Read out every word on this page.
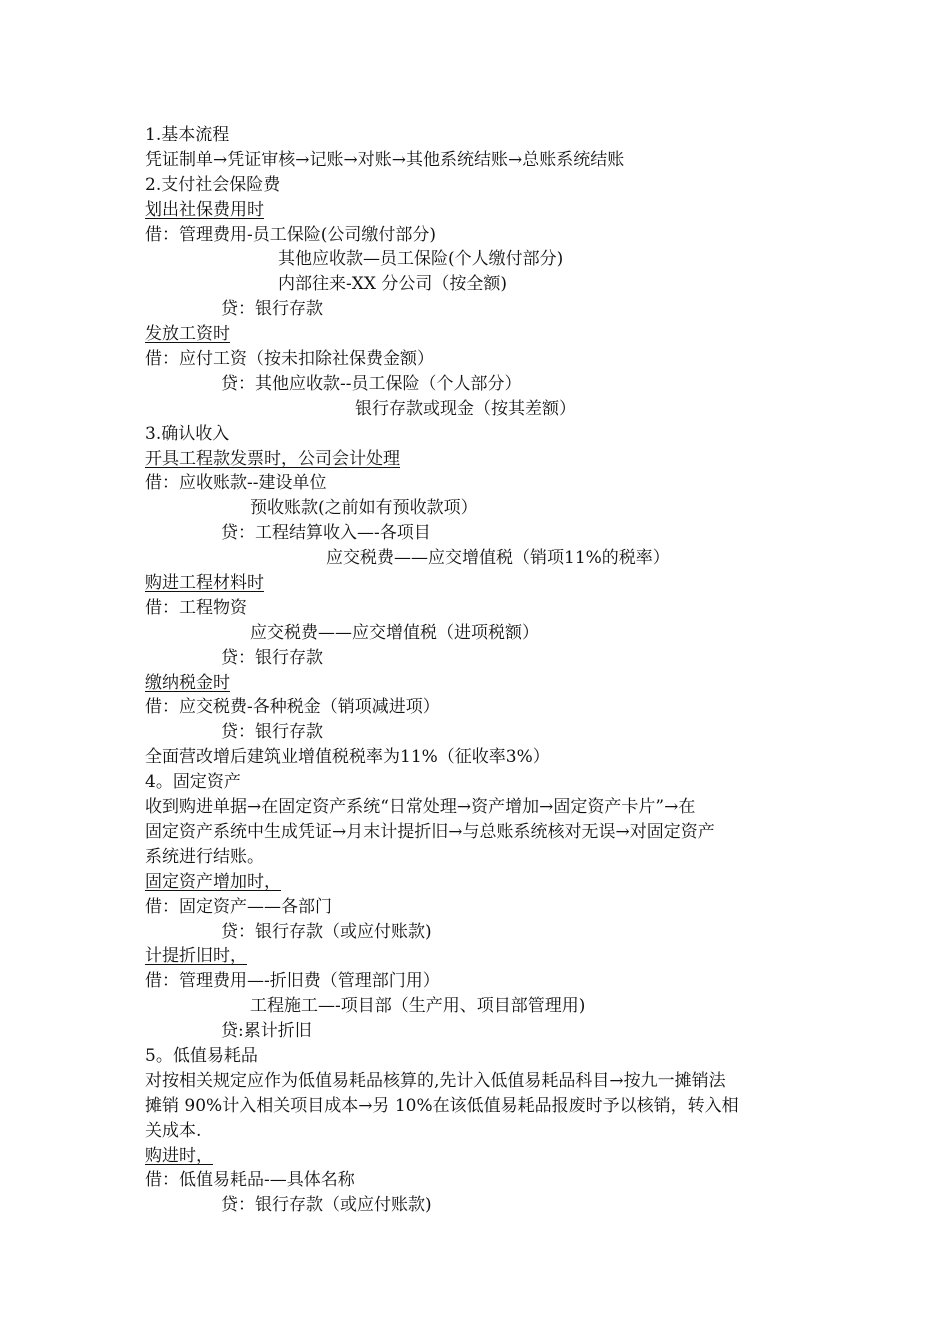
1.基本流程
凭证制单→凭证审核→记账→对账→其他系统结账→总账系统结账
2.支付社会保险费
划出社保费用时
借：管理费用-员工保险(公司缴付部分)
其他应收款—员工保险(个人缴付部分)
内部往来-XX 分公司（按全额)
贷：银行存款
发放工资时
借：应付工资（按未扣除社保费金额）
贷：其他应收款--员工保险（个人部分）
银行存款或现金（按其差额）
3.确认收入
开具工程款发票时，公司会计处理
借：应收账款--建设单位
预收账款(之前如有预收款项）
贷：工程结算收入—-各项目
应交税费——应交增值税（销项11%的税率）
购进工程材料时
借：工程物资
应交税费——应交增值税（进项税额）
贷：银行存款
缴纳税金时
借：应交税费-各种税金（销项减进项）
贷：银行存款
全面营改增后建筑业增值税税率为11%（征收率3%）
4。固定资产
收到购进单据→在固定资产系统“日常处理→资产增加→固定资产卡片”→在
固定资产系统中生成凭证→月末计提折旧→与总账系统核对无误→对固定资产
系统进行结账。
固定资产增加时，
借：固定资产——各部门
贷：银行存款（或应付账款)
计提折旧时，
借：管理费用—-折旧费（管理部门用）
工程施工—-项目部（生产用、项目部管理用)
贷:累计折旧
5。低值易耗品
对按相关规定应作为低值易耗品核算的,先计入低值易耗品科目→按九一摊销法
摊销 90%计入相关项目成本→另 10%在该低值易耗品报废时予以核销，转入相
关成本.
购进时，
借：低值易耗品-—具体名称
贷：银行存款（或应付账款)
